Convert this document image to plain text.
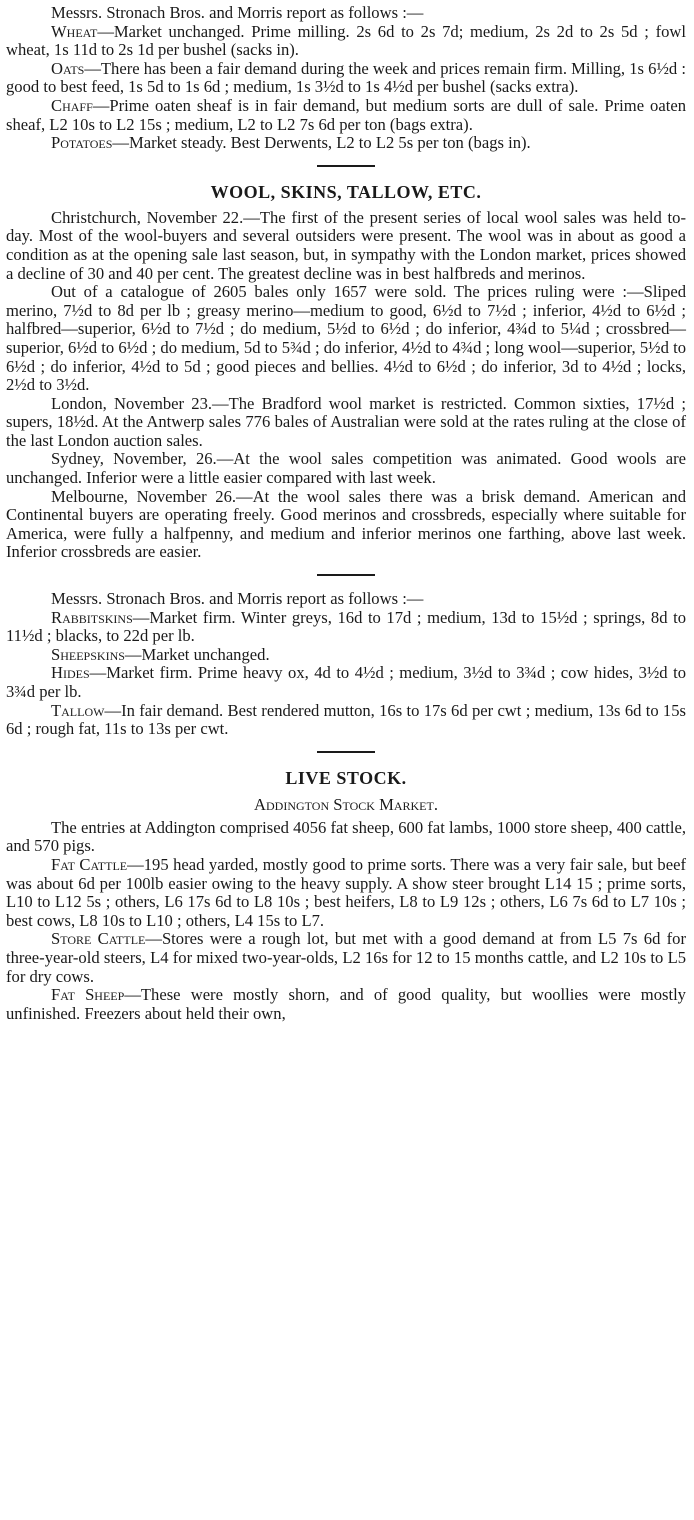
Messrs. Stronach Bros. and Morris report as follows :—

Wheat—Market unchanged. Prime milling. 2s 6d to 2s 7d; medium, 2s 2d to 2s 5d ; fowl wheat, 1s 11d to 2s 1d per bushel (sacks in).

Oats—There has been a fair demand during the week and prices remain firm. Milling, 1s 6½d : good to best feed, 1s 5d to 1s 6d ; medium, 1s 3½d to 1s 4½d per bushel (sacks extra).

Chaff—Prime oaten sheaf is in fair demand, but medium sorts are dull of sale. Prime oaten sheaf, L2 10s to L2 15s ; medium, L2 to L2 7s 6d per ton (bags extra).

Potatoes—Market steady. Best Derwents, L2 to L2 5s per ton (bags in).

WOOL, SKINS, TALLOW, ETC.

Christchurch, November 22.—The first of the present series of local wool sales was held to-day. Most of the wool-buyers and several outsiders were present. The wool was in about as good a condition as at the opening sale last season, but, in sympathy with the London market, prices showed a decline of 30 and 40 per cent. The greatest decline was in best halfbreds and merinos.

Out of a catalogue of 2605 bales only 1657 were sold. The prices ruling were :—Sliped merino, 7½d to 8d per lb ; greasy merino—medium to good, 6½d to 7½d ; inferior, 4½d to 6½d ; halfbred—superior, 6½d to 7½d ; do medium, 5½d to 6½d ; do inferior, 4¾d to 5¼d ; crossbred—superior, 6½d to 6½d ; do medium, 5d to 5¾d ; do inferior, 4½d to 4¾d ; long wool—superior, 5½d to 6½d ; do inferior, 4½d to 5d ; good pieces and bellies. 4½d to 6½d ; do inferior, 3d to 4½d ; locks, 2½d to 3½d.

London, November 23.—The Bradford wool market is restricted. Common sixties, 17½d ; supers, 18½d. At the Antwerp sales 776 bales of Australian were sold at the rates ruling at the close of the last London auction sales.

Sydney, November, 26.—At the wool sales competition was animated. Good wools are unchanged. Inferior were a little easier compared with last week.

Melbourne, November 26.—At the wool sales there was a brisk demand. American and Continental buyers are operating freely. Good merinos and crossbreds, especially where suitable for America, were fully a halfpenny, and medium and inferior merinos one farthing, above last week. Inferior crossbreds are easier.

Messrs. Stronach Bros. and Morris report as follows :—

Rabbitskins—Market firm. Winter greys, 16d to 17d ; medium, 13d to 15½d ; springs, 8d to 11½d ; blacks, to 22d per lb.

Sheepskins—Market unchanged.

Hides—Market firm. Prime heavy ox, 4d to 4½d ; medium, 3½d to 3¾d ; cow hides, 3½d to 3¾d per lb.

Tallow—In fair demand. Best rendered mutton, 16s to 17s 6d per cwt ; medium, 13s 6d to 15s 6d ; rough fat, 11s to 13s per cwt.

LIVE STOCK.
Addington Stock Market.

The entries at Addington comprised 4056 fat sheep, 600 fat lambs, 1000 store sheep, 400 cattle, and 570 pigs.

Fat Cattle—195 head yarded, mostly good to prime sorts. There was a very fair sale, but beef was about 6d per 100lb easier owing to the heavy supply. A show steer brought L14 15 ; prime sorts, L10 to L12 5s ; others, L6 17s 6d to L8 10s ; best heifers, L8 to L9 12s ; others, L6 7s 6d to L7 10s ; best cows, L8 10s to L10 ; others, L4 15s to L7.

Store Cattle—Stores were a rough lot, but met with a good demand at from L5 7s 6d for three-year-old steers, L4 for mixed two-year-olds, L2 16s for 12 to 15 months cattle, and L2 10s to L5 for dry cows.

Fat Sheep—These were mostly shorn, and of good quality, but woollies were mostly unfinished. Freezers about held their own,
